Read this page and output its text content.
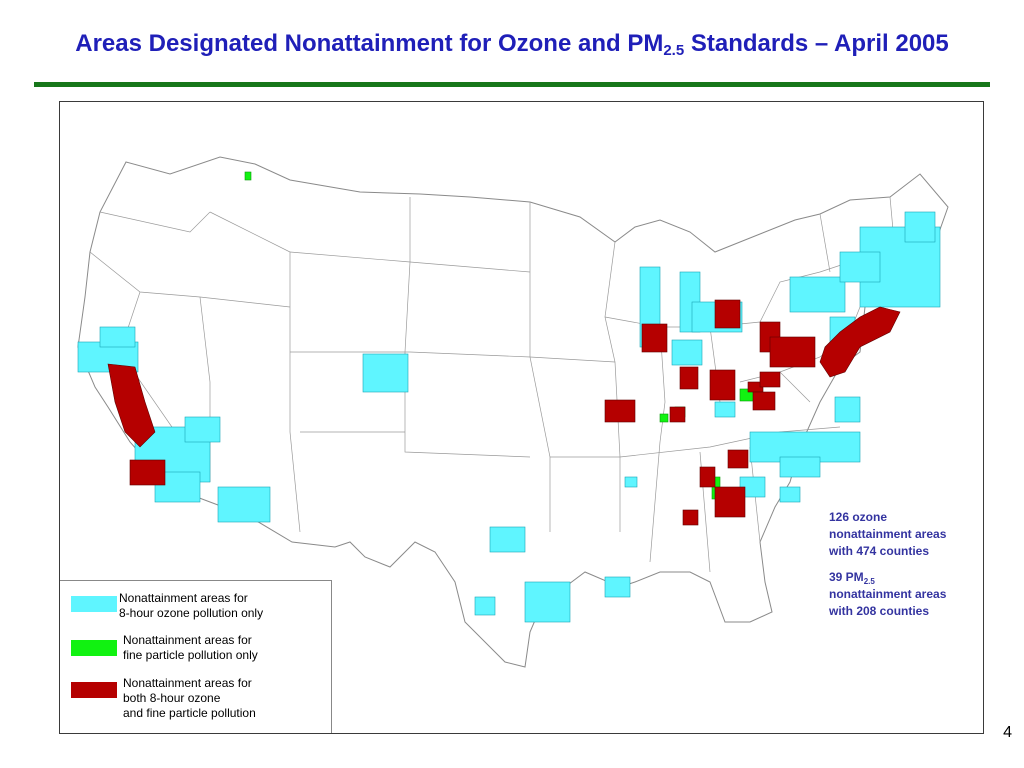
Areas Designated Nonattainment for Ozone and $PM_{2.5}$ Standards – April 2005
Nonattainment areas for
8-hour ozone pollution only
Nonattainment areas for
fine particle pollution only
Nonattainment areas for
both 8-hour ozone
and fine particle pollution
126 ozone
nonattainment areas
with 474 counties
39 $PM_{2.5}$
nonattainment areas
with 208 counties
4
